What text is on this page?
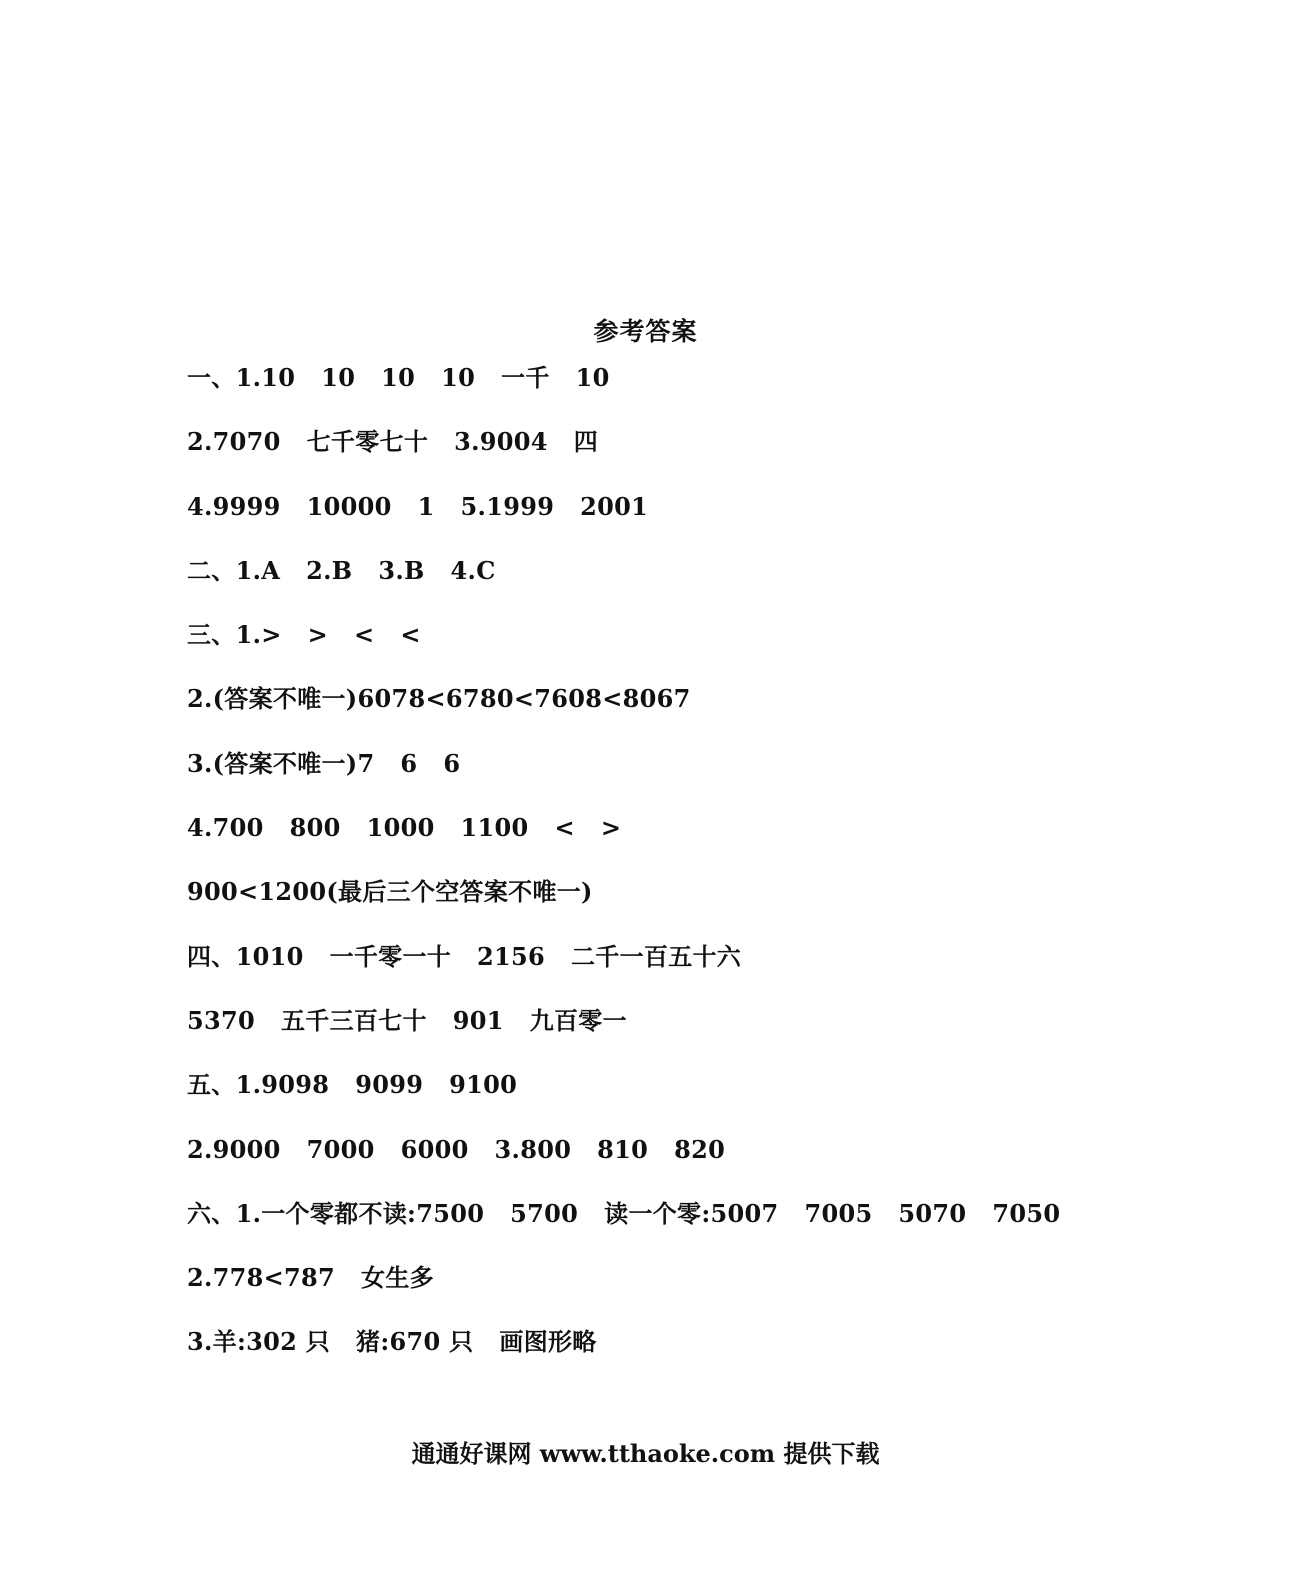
参考答案
一、1.10   10   10   10   一千   10
2.7070   七千零七十   3.9004   四
4.9999   10000   1   5.1999   2001
二、1.A   2.B   3.B   4.C
三、1.>   >   <   <
2.(答案不唯一)6078<6780<7608<8067
3.(答案不唯一)7   6   6
4.700   800   1000   1100   <   >
900<1200(最后三个空答案不唯一)
四、1010   一千零一十   2156   二千一百五十六
5370   五千三百七十   901   九百零一
五、1.9098   9099   9100
2.9000   7000   6000   3.800   810   820
六、1.一个零都不读:7500   5700   读一个零:5007   7005   5070   7050
2.778<787   女生多
3.羊:302 只   猪:670 只   画图形略
通通好课网 www.tthaoke.com 提供下载
